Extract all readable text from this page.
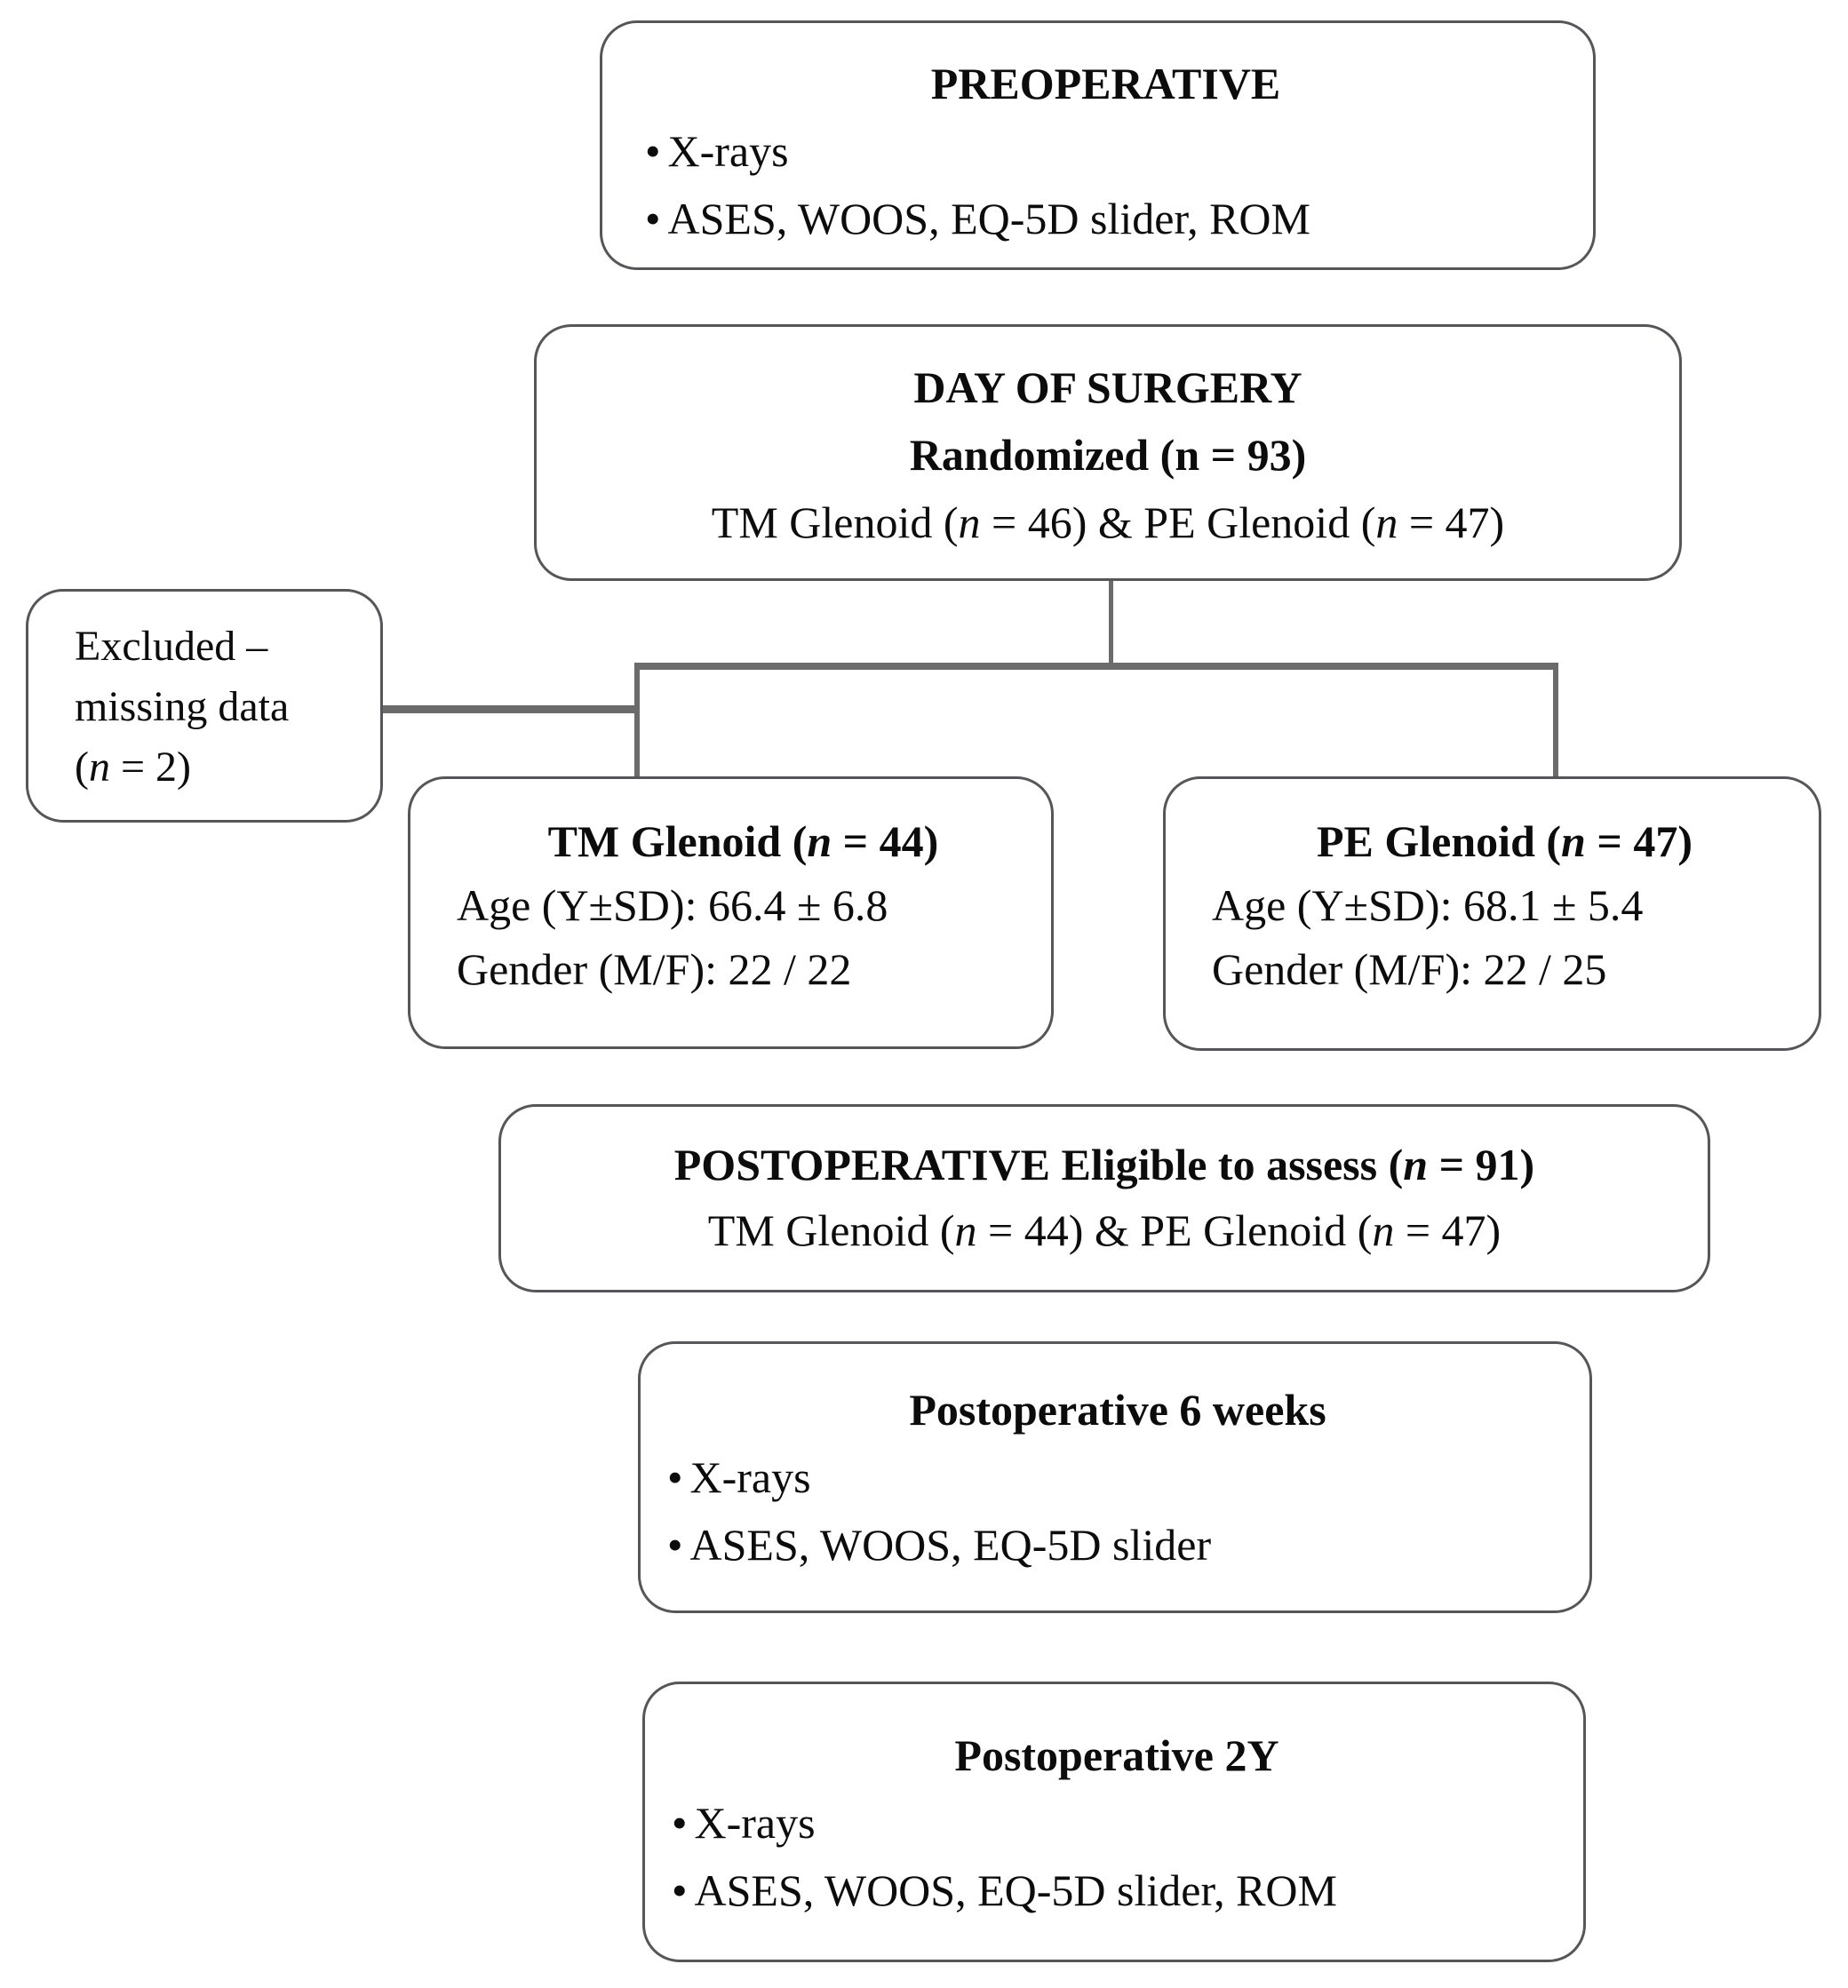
PREOPERATIVE
• X-rays
• ASES, WOOS, EQ-5D slider, ROM
DAY OF SURGERY
Randomized (n = 93)
TM Glenoid (n = 46) & PE Glenoid (n = 47)
Excluded –
missing data
(n = 2)
TM Glenoid (n = 44)
Age (Y±SD): 66.4 ± 6.8
Gender (M/F): 22 / 22
PE Glenoid (n = 47)
Age (Y±SD): 68.1 ± 5.4
Gender (M/F): 22 / 25
POSTOPERATIVE Eligible to assess (n = 91)
TM Glenoid (n = 44) & PE Glenoid (n = 47)
Postoperative 6 weeks
• X-rays
• ASES, WOOS, EQ-5D slider
Postoperative 2Y
• X-rays
• ASES, WOOS, EQ-5D slider, ROM
